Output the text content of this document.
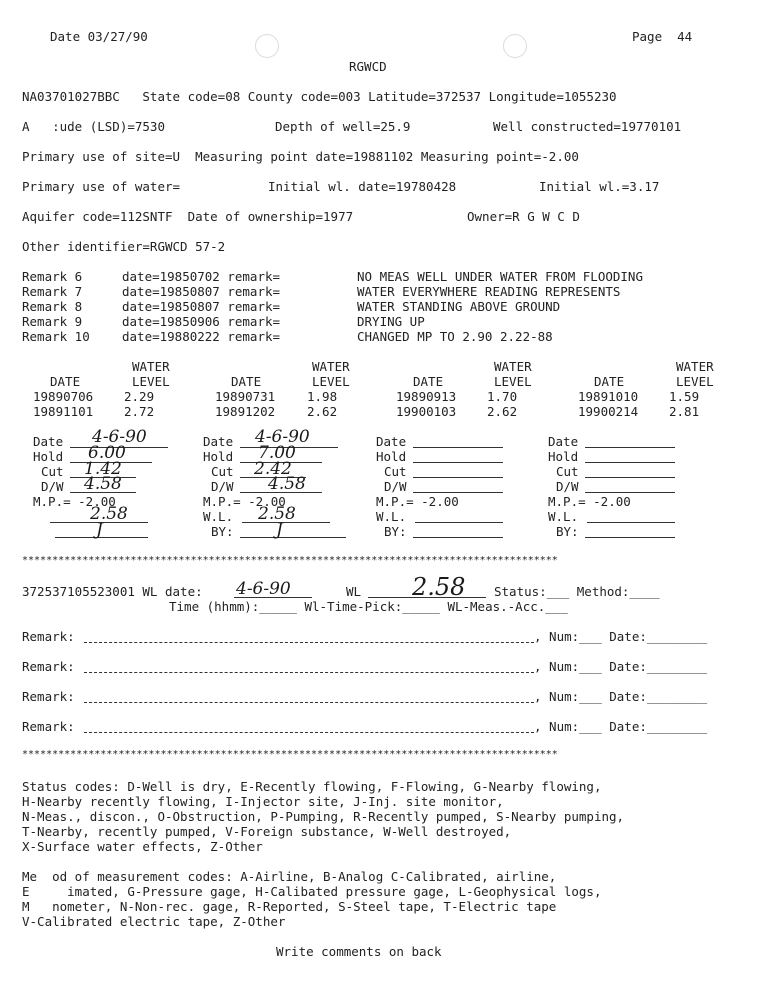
Date 03/27/90	Page  44
RGWCD
NA03701027BBC   State code=08 County code=003 Latitude=372537 Longitude=1055230
A   :ude (LSD)=7530	Depth of well=25.9	Well constructed=19770101
Primary use of site=U  Measuring point date=19881102 Measuring point=-2.00
Primary use of water=	Initial wl. date=19780428	Initial wl.=3.17
Aquifer code=112SNTF  Date of ownership=1977	Owner=R G W C D
Other identifier=RGWCD 57-2
Remark 6	date=19850702 remark=	NO MEAS WELL UNDER WATER FROM FLOODING
Remark 7	date=19850807 remark=	WATER EVERYWHERE READING REPRESENTS
Remark 8	date=19850807 remark=	WATER STANDING ABOVE GROUND
Remark 9	date=19850906 remark=	DRYING UP
Remark 10	date=19880222 remark=	CHANGED MP TO 2.90 2.22-88
WATER	WATER	WATER	WATER
DATE	LEVEL	DATE	LEVEL	DATE	LEVEL	DATE	LEVEL
19890706 2.29	19890731	1.98	19890913 1.70	19891010 1.59
19891101 2.72	19891202	2.62	19900103 2.62	19900214 2.81
Date 4-6-90
Hold 6.00
Cut 1.42
D/W 4.58
M.P.= -2.00
2.58
J
Date 4-6-90
Hold 7.00
Cut 2.42
D/W 4.58
M.P.= -2.00
W.L. 2.58
BY: J
Date
Hold
Cut
D/W
M.P.= -2.00
W.L.
BY:
Date
Hold
Cut
D/W
M.P.= -2.00
W.L.
BY:
*****************************************************************************************
372537105523001 WL date: 4-6-90	WL 2.58 Status:___ Method:____
Time (hhmm):_____ Wl-Time-Pick:_____ WL-Meas.-Acc.___
Remark:	, Num:___ Date:________
Remark:	, Num:___ Date:________
Remark:	, Num:___ Date:________
Remark:	, Num:___ Date:________
*****************************************************************************************
Status codes: D-Well is dry, E-Recently flowing, F-Flowing, G-Nearby flowing,
H-Nearby recently flowing, I-Injector site, J-Inj. site monitor,
N-Meas., discon., O-Obstruction, P-Pumping, R-Recently pumped, S-Nearby pumping,
T-Nearby, recently pumped, V-Foreign substance, W-Well destroyed,
X-Surface water effects, Z-Other
Me  od of measurement codes: A-Airline, B-Analog C-Calibrated, airline,
E     imated, G-Pressure gage, H-Calibated pressure gage, L-Geophysical logs,
M   nometer, N-Non-rec. gage, R-Reported, S-Steel tape, T-Electric tape
V-Calibrated electric tape, Z-Other
Write comments on back
